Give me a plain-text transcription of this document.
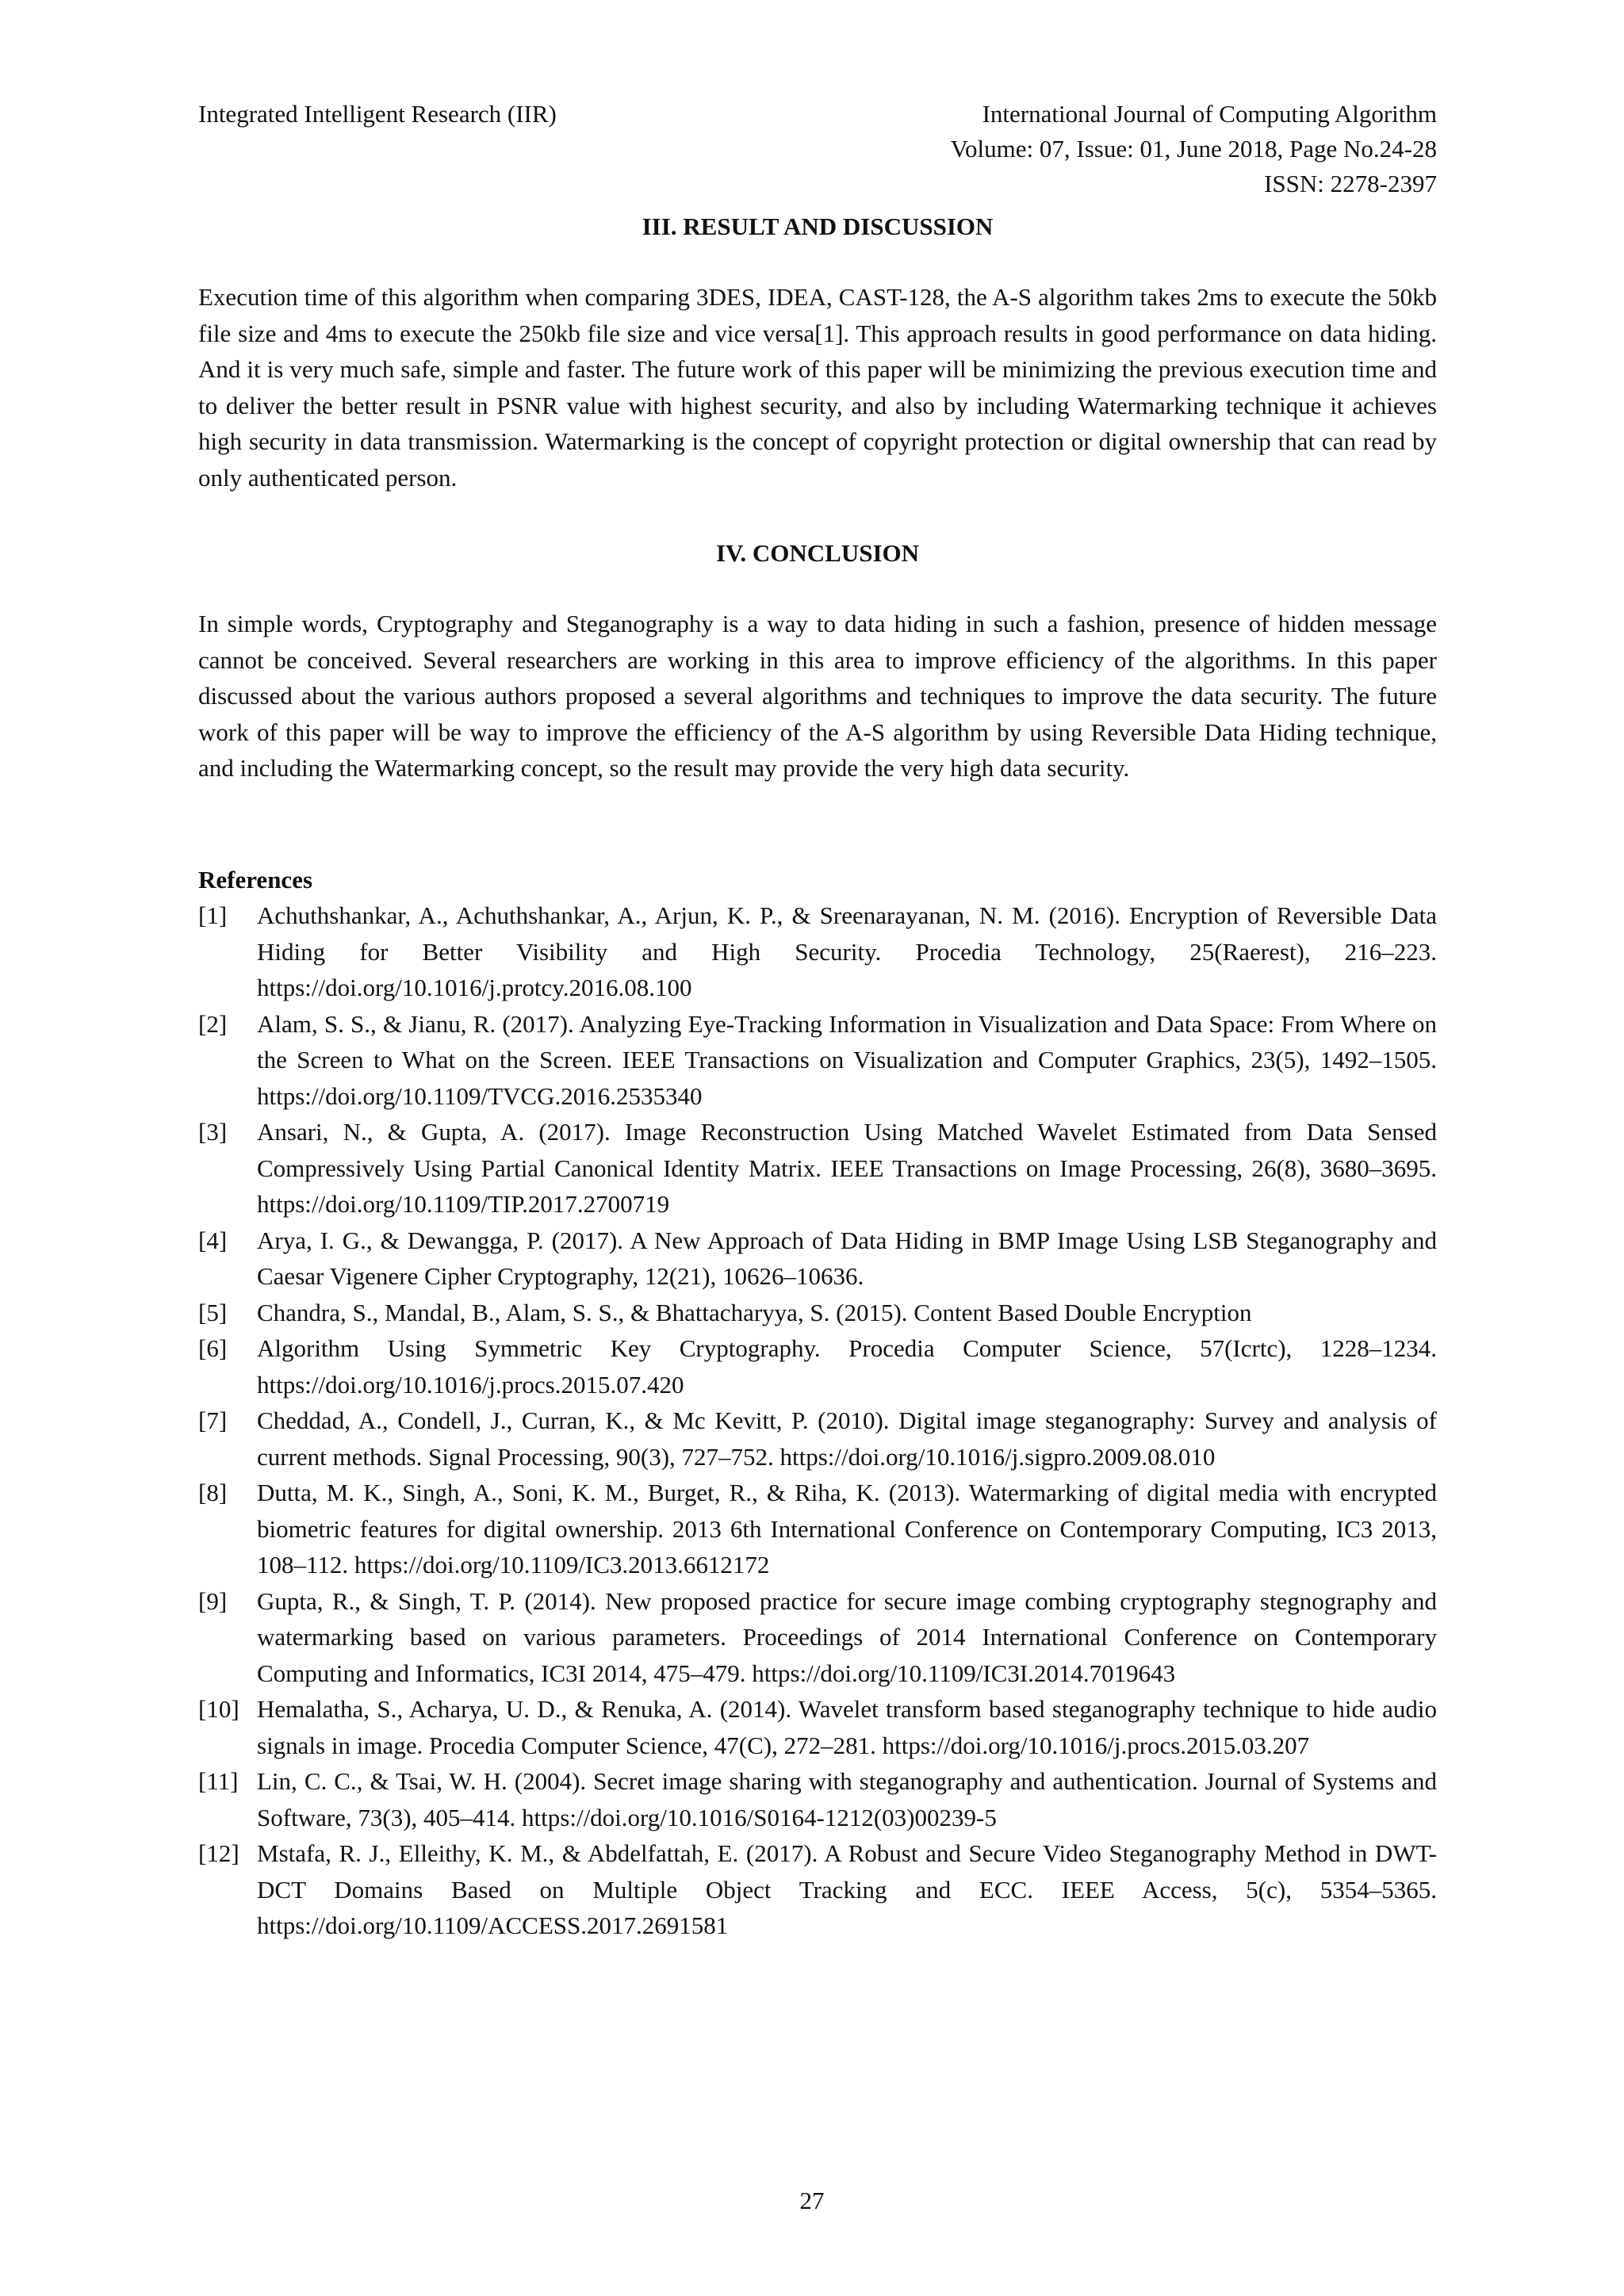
Integrated Intelligent Research (IIR)	International Journal of Computing Algorithm
Volume: 07, Issue: 01, June 2018, Page No.24-28
ISSN: 2278-2397
III. RESULT AND DISCUSSION

Execution time of this algorithm when comparing 3DES, IDEA, CAST-128, the A-S algorithm takes 2ms to execute the 50kb file size and 4ms to execute the 250kb file size and vice versa[1]. This approach results in good performance on data hiding. And it is very much safe, simple and faster. The future work of this paper will be minimizing the previous execution time and to deliver the better result in PSNR value with highest security, and also by including Watermarking technique it achieves high security in data transmission. Watermarking is the concept of copyright protection or digital ownership that can read by only authenticated person.

IV. CONCLUSION

In simple words, Cryptography and Steganography is a way to data hiding in such a fashion, presence of hidden message cannot be conceived. Several researchers are working in this area to improve efficiency of the algorithms. In this paper discussed about the various authors proposed a several algorithms and techniques to improve the data security. The future work of this paper will be way to improve the efficiency of the A-S algorithm by using Reversible Data Hiding technique, and including the Watermarking concept, so the result may provide the very high data security.

References
[1] Achuthshankar, A., Achuthshankar, A., Arjun, K. P., & Sreenarayanan, N. M. (2016). Encryption of Reversible Data Hiding for Better Visibility and High Security. Procedia Technology, 25(Raerest), 216–223. https://doi.org/10.1016/j.protcy.2016.08.100
[2] Alam, S. S., & Jianu, R. (2017). Analyzing Eye-Tracking Information in Visualization and Data Space: From Where on the Screen to What on the Screen. IEEE Transactions on Visualization and Computer Graphics, 23(5), 1492–1505. https://doi.org/10.1109/TVCG.2016.2535340
[3] Ansari, N., & Gupta, A. (2017). Image Reconstruction Using Matched Wavelet Estimated from Data Sensed Compressively Using Partial Canonical Identity Matrix. IEEE Transactions on Image Processing, 26(8), 3680–3695. https://doi.org/10.1109/TIP.2017.2700719
[4] Arya, I. G., & Dewangga, P. (2017). A New Approach of Data Hiding in BMP Image Using LSB Steganography and Caesar Vigenere Cipher Cryptography, 12(21), 10626–10636.
[5] Chandra, S., Mandal, B., Alam, S. S., & Bhattacharyya, S. (2015). Content Based Double Encryption
[6] Algorithm Using Symmetric Key Cryptography. Procedia Computer Science, 57(Icrtc), 1228–1234. https://doi.org/10.1016/j.procs.2015.07.420
[7] Cheddad, A., Condell, J., Curran, K., & Mc Kevitt, P. (2010). Digital image steganography: Survey and analysis of current methods. Signal Processing, 90(3), 727–752. https://doi.org/10.1016/j.sigpro.2009.08.010
[8] Dutta, M. K., Singh, A., Soni, K. M., Burget, R., & Riha, K. (2013). Watermarking of digital media with encrypted biometric features for digital ownership. 2013 6th International Conference on Contemporary Computing, IC3 2013, 108–112. https://doi.org/10.1109/IC3.2013.6612172
[9] Gupta, R., & Singh, T. P. (2014). New proposed practice for secure image combing cryptography stegnography and watermarking based on various parameters. Proceedings of 2014 International Conference on Contemporary Computing and Informatics, IC3I 2014, 475–479. https://doi.org/10.1109/IC3I.2014.7019643
[10] Hemalatha, S., Acharya, U. D., & Renuka, A. (2014). Wavelet transform based steganography technique to hide audio signals in image. Procedia Computer Science, 47(C), 272–281. https://doi.org/10.1016/j.procs.2015.03.207
[11] Lin, C. C., & Tsai, W. H. (2004). Secret image sharing with steganography and authentication. Journal of Systems and Software, 73(3), 405–414. https://doi.org/10.1016/S0164-1212(03)00239-5
[12] Mstafa, R. J., Elleithy, K. M., & Abdelfattah, E. (2017). A Robust and Secure Video Steganography Method in DWT-DCT Domains Based on Multiple Object Tracking and ECC. IEEE Access, 5(c), 5354–5365. https://doi.org/10.1109/ACCESS.2017.2691581
27
